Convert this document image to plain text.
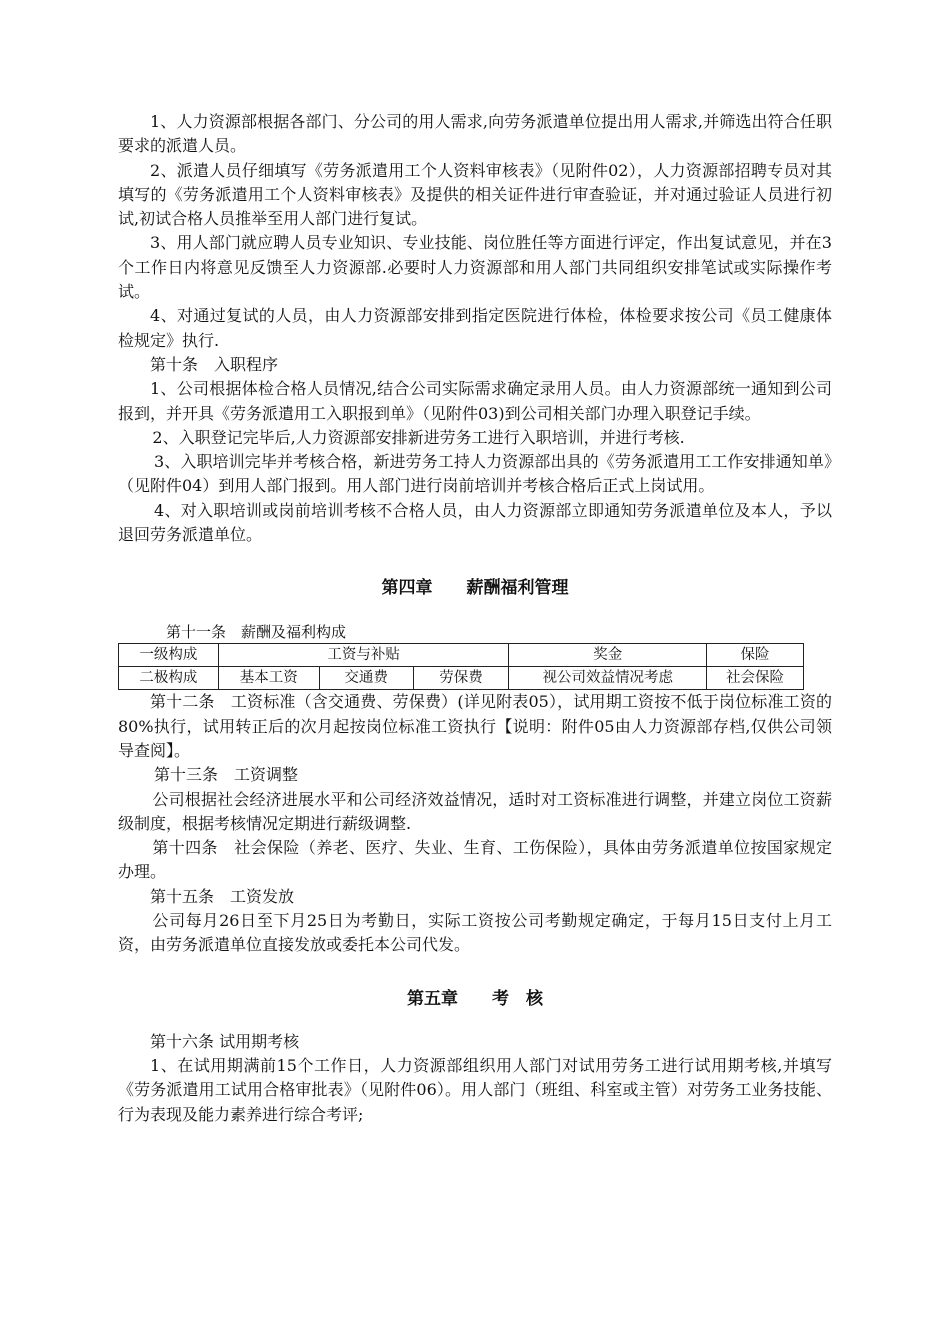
1、人力资源部根据各部门、分公司的用人需求,向劳务派遣单位提出用人需求,并筛选出符合任职要求的派遣人员。

2、派遣人员仔细填写《劳务派遣用工个人资料审核表》（见附件02），人力资源部招聘专员对其填写的《劳务派遣用工个人资料审核表》及提供的相关证件进行审查验证，并对通过验证人员进行初试,初试合格人员推举至用人部门进行复试。

3、用人部门就应聘人员专业知识、专业技能、岗位胜任等方面进行评定，作出复试意见，并在3个工作日内将意见反馈至人力资源部.必要时人力资源部和用人部门共同组织安排笔试或实际操作考试。

4、对通过复试的人员，由人力资源部安排到指定医院进行体检，体检要求按公司《员工健康体检规定》执行.

第十条　入职程序

1、公司根据体检合格人员情况,结合公司实际需求确定录用人员。由人力资源部统一通知到公司报到，并开具《劳务派遣用工入职报到单》（见附件03)到公司相关部门办理入职登记手续。

2、入职登记完毕后,人力资源部安排新进劳务工进行入职培训，并进行考核.

3、入职培训完毕并考核合格，新进劳务工持人力资源部出具的《劳务派遣用工工作安排通知单》（见附件04）到用人部门报到。用人部门进行岗前培训并考核合格后正式上岗试用。

4、对入职培训或岗前培训考核不合格人员，由人力资源部立即通知劳务派遣单位及本人，予以退回劳务派遣单位。

第四章　　薪酬福利管理

第十一条　薪酬及福利构成

一级构成	工资与补贴			奖金	保险
二极构成	基本工资	交通费	劳保费	视公司效益情况考虑	社会保险

第十二条　工资标准（含交通费、劳保费）(详见附表05），试用期工资按不低于岗位标准工资的80%执行，试用转正后的次月起按岗位标准工资执行【说明：附件05由人力资源部存档,仅供公司领导查阅】。

第十三条　工资调整

公司根据社会经济进展水平和公司经济效益情况，适时对工资标准进行调整，并建立岗位工资薪级制度，根据考核情况定期进行薪级调整.

第十四条　社会保险（养老、医疗、失业、生育、工伤保险），具体由劳务派遣单位按国家规定办理。

第十五条　工资发放

公司每月26日至下月25日为考勤日，实际工资按公司考勤规定确定，于每月15日支付上月工资，由劳务派遣单位直接发放或委托本公司代发。

第五章　　考　核

第十六条 试用期考核

1、在试用期满前15个工作日，人力资源部组织用人部门对试用劳务工进行试用期考核,并填写《劳务派遣用工试用合格审批表》（见附件06）。用人部门（班组、科室或主管）对劳务工业务技能、行为表现及能力素养进行综合考评;
